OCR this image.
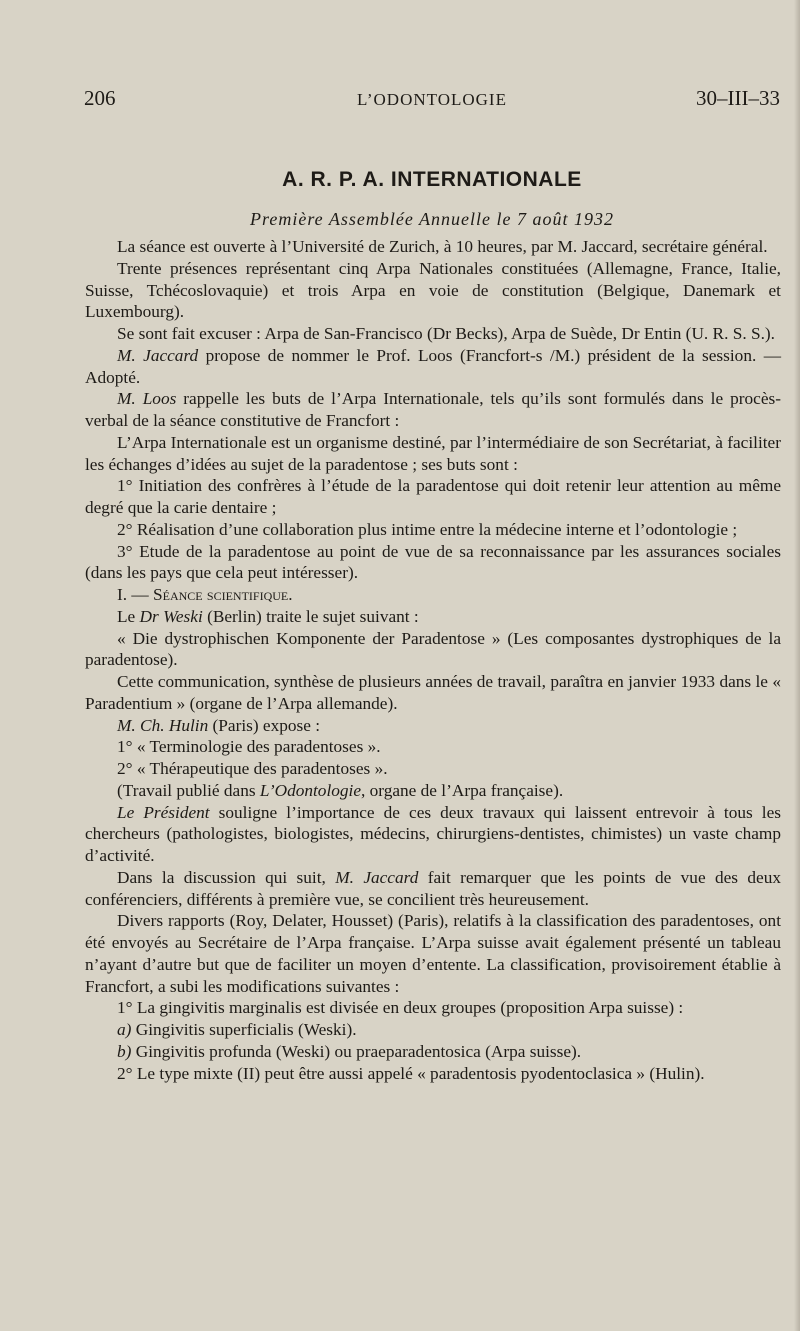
206	L’ODONTOLOGIE	30–III–33
A. R. P. A. INTERNATIONALE
Première Assemblée Annuelle le 7 août 1932

La séance est ouverte à l’Université de Zurich, à 10 heures, par M. Jaccard, secrétaire général.

Trente présences représentant cinq Arpa Nationales constituées (Allemagne, France, Italie, Suisse, Tchécoslovaquie) et trois Arpa en voie de constitution (Belgique, Danemark et Luxembourg).

Se sont fait excuser : Arpa de San-Francisco (Dr Becks), Arpa de Suède, Dr Entin (U. R. S. S.).

M. Jaccard propose de nommer le Prof. Loos (Francfort-s /M.) président de la session. — Adopté.

M. Loos rappelle les buts de l’Arpa Internationale, tels qu’ils sont formulés dans le procès-verbal de la séance constitutive de Francfort :

L’Arpa Internationale est un organisme destiné, par l’intermédiaire de son Secrétariat, à faciliter les échanges d’idées au sujet de la paradentose ; ses buts sont :

1° Initiation des confrères à l’étude de la paradentose qui doit retenir leur attention au même degré que la carie dentaire ;

2° Réalisation d’une collaboration plus intime entre la médecine interne et l’odontologie ;

3° Etude de la paradentose au point de vue de sa reconnaissance par les assurances sociales (dans les pays que cela peut intéresser).

I. — Séance scientifique.

Le Dr Weski (Berlin) traite le sujet suivant :

« Die dystrophischen Komponente der Paradentose » (Les composantes dystrophiques de la paradentose).

Cette communication, synthèse de plusieurs années de travail, paraîtra en janvier 1933 dans le « Paradentium » (organe de l’Arpa allemande).

M. Ch. Hulin (Paris) expose :

1° « Terminologie des paradentoses ».

2° « Thérapeutique des paradentoses ».

(Travail publié dans L’Odontologie, organe de l’Arpa française).

Le Président souligne l’importance de ces deux travaux qui laissent entrevoir à tous les chercheurs (pathologistes, biologistes, médecins, chirurgiens-dentistes, chimistes) un vaste champ d’activité.

Dans la discussion qui suit, M. Jaccard fait remarquer que les points de vue des deux conférenciers, différents à première vue, se concilient très heureusement.

Divers rapports (Roy, Delater, Housset) (Paris), relatifs à la classification des paradentoses, ont été envoyés au Secrétaire de l’Arpa française. L’Arpa suisse avait également présenté un tableau n’ayant d’autre but que de faciliter un moyen d’entente. La classification, provisoirement établie à Francfort, a subi les modifications suivantes :

1° La gingivitis marginalis est divisée en deux groupes (proposition Arpa suisse) :

a) Gingivitis superficialis (Weski).

b) Gingivitis profunda (Weski) ou praeparadentosica (Arpa suisse).

2° Le type mixte (II) peut être aussi appelé « paradentosis pyodentoclasica » (Hulin).
